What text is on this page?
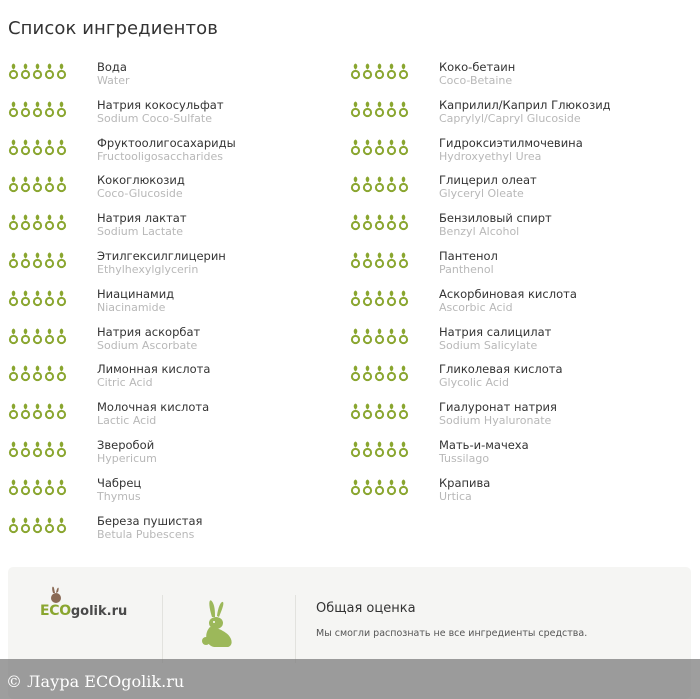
Список ингредиентов
Вода
Water
Натрия кокосульфат
Sodium Coco-Sulfate
Фруктоолигосахариды
Fructooligosaccharides
Кокоглюкозид
Coco-Glucoside
Натрия лактат
Sodium Lactate
Этилгексилглицерин
Ethylhexylglycerin
Ниацинамид
Niacinamide
Натрия аскорбат
Sodium Ascorbate
Лимонная кислота
Citric Acid
Молочная кислота
Lactic Acid
Зверобой
Hypericum
Чабрец
Thymus
Береза пушистая
Betula Pubescens
Коко-бетаин
Coco-Betaine
Каприлил/Каприл Глюкозид
Caprylyl/Capryl Glucoside
Гидроксиэтилмочевина
Hydroxyethyl Urea
Глицерил олеат
Glyceryl Oleate
Бензиловый спирт
Benzyl Alcohol
Пантенол
Panthenol
Аскорбиновая кислота
Ascorbic Acid
Натрия салицилат
Sodium Salicylate
Гликолевая кислота
Glycolic Acid
Гиалуронат натрия
Sodium Hyaluronate
Мать-и-мачеха
Tussilago
Крапива
Urtica
ECO golik.ru	Общая оценка
Мы смогли распознать не все ингредиенты средства.
© Лаура ECOgolik.ru
